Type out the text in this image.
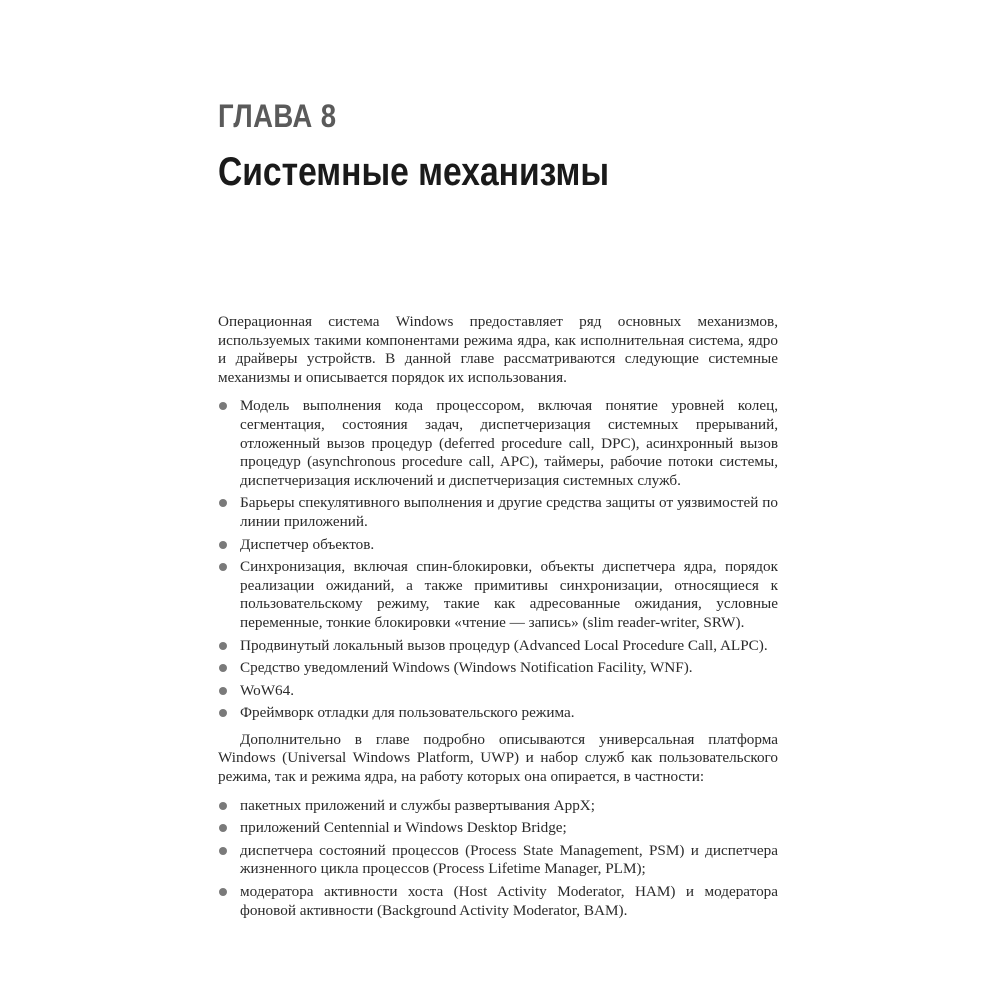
ГЛАВА 8
Системные механизмы

Операционная система Windows предоставляет ряд основных механизмов, используемых такими компонентами режима ядра, как исполнительная система, ядро и драйверы устройств. В данной главе рассматриваются следующие системные механизмы и описывается порядок их использования.

Модель выполнения кода процессором, включая понятие уровней колец, сегментация, состояния задач, диспетчеризация системных прерываний, отложенный вызов процедур (deferred procedure call, DPC), асинхронный вызов процедур (asynchronous procedure call, APC), таймеры, рабочие потоки системы, диспетчеризация исключений и диспетчеризация системных служб.
Барьеры спекулятивного выполнения и другие средства защиты от уязвимостей по линии приложений.
Диспетчер объектов.
Синхронизация, включая спин-блокировки, объекты диспетчера ядра, порядок реализации ожиданий, а также примитивы синхронизации, относящиеся к пользовательскому режиму, такие как адресованные ожидания, условные переменные, тонкие блокировки «чтение — запись» (slim reader-writer, SRW).
Продвинутый локальный вызов процедур (Advanced Local Procedure Call, ALPC).
Средство уведомлений Windows (Windows Notification Facility, WNF).
WoW64.
Фреймворк отладки для пользовательского режима.

Дополнительно в главе подробно описываются универсальная платформа Windows (Universal Windows Platform, UWP) и набор служб как пользовательского режима, так и режима ядра, на работу которых она опирается, в частности:

пакетных приложений и службы развертывания AppX;
приложений Centennial и Windows Desktop Bridge;
диспетчера состояний процессов (Process State Management, PSM) и диспетчера жизненного цикла процессов (Process Lifetime Manager, PLM);
модератора активности хоста (Host Activity Moderator, HAM) и модератора фоновой активности (Background Activity Moderator, BAM).
